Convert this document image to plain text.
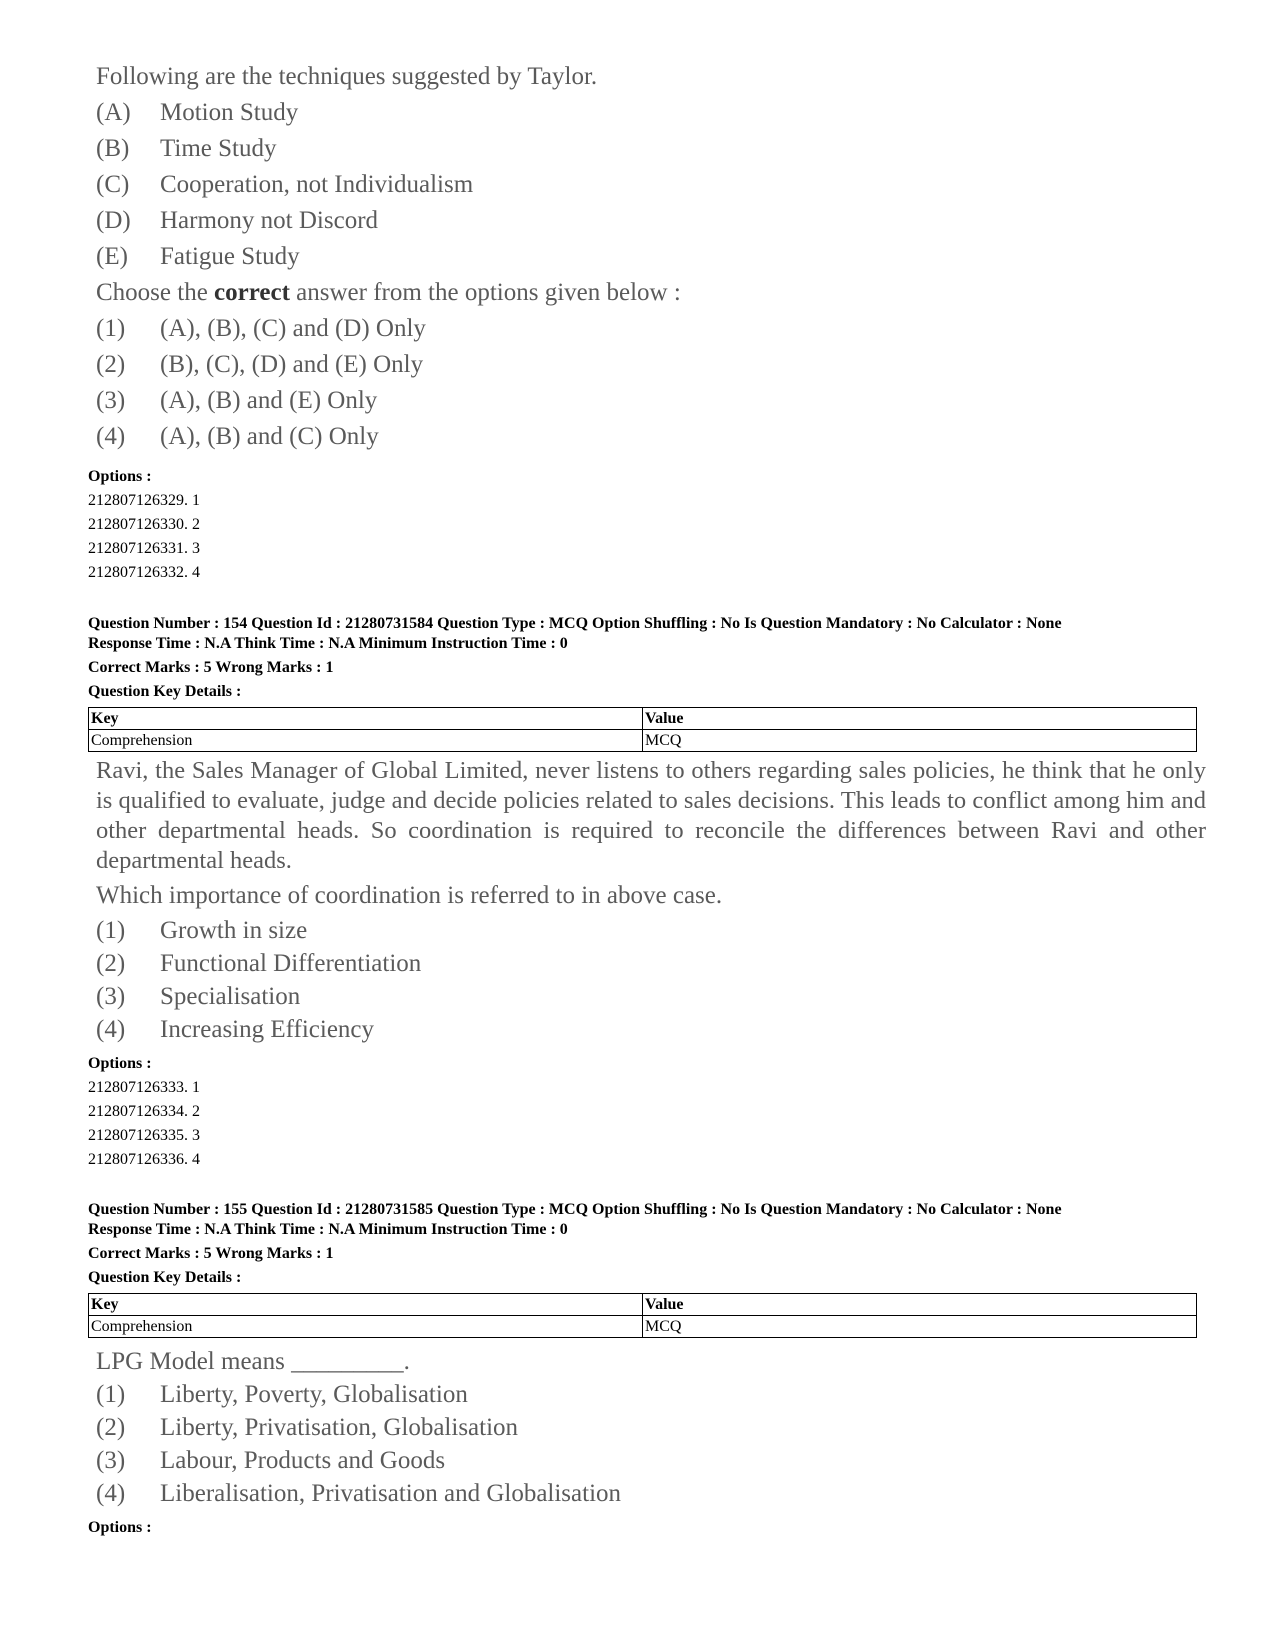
Following are the techniques suggested by Taylor.
(A)	Motion Study
(B)	Time Study
(C)	Cooperation, not Individualism
(D)	Harmony not Discord
(E)	Fatigue Study
Choose the correct answer from the options given below :
(1)	(A), (B), (C) and (D) Only
(2)	(B), (C), (D) and (E) Only
(3)	(A), (B) and (E) Only
(4)	(A), (B) and (C) Only
Options :
212807126329. 1
212807126330. 2
212807126331. 3
212807126332. 4
Question Number : 154 Question Id : 21280731584 Question Type : MCQ Option Shuffling : No Is Question Mandatory : No Calculator : None
Response Time : N.A Think Time : N.A Minimum Instruction Time : 0
Correct Marks : 5 Wrong Marks : 1
Question Key Details :
Key	Value
Comprehension	MCQ
Ravi, the Sales Manager of Global Limited, never listens to others regarding sales policies, he think that he only is qualified to evaluate, judge and decide policies related to sales decisions. This leads to conflict among him and other departmental heads. So coordination is required to reconcile the differences between Ravi and other departmental heads.
Which importance of coordination is referred to in above case.
(1)	Growth in size
(2)	Functional Differentiation
(3)	Specialisation
(4)	Increasing Efficiency
Options :
212807126333. 1
212807126334. 2
212807126335. 3
212807126336. 4
Question Number : 155 Question Id : 21280731585 Question Type : MCQ Option Shuffling : No Is Question Mandatory : No Calculator : None
Response Time : N.A Think Time : N.A Minimum Instruction Time : 0
Correct Marks : 5 Wrong Marks : 1
Question Key Details :
Key	Value
Comprehension	MCQ
LPG Model means _________.
(1)	Liberty, Poverty, Globalisation
(2)	Liberty, Privatisation, Globalisation
(3)	Labour, Products and Goods
(4)	Liberalisation, Privatisation and Globalisation
Options :
